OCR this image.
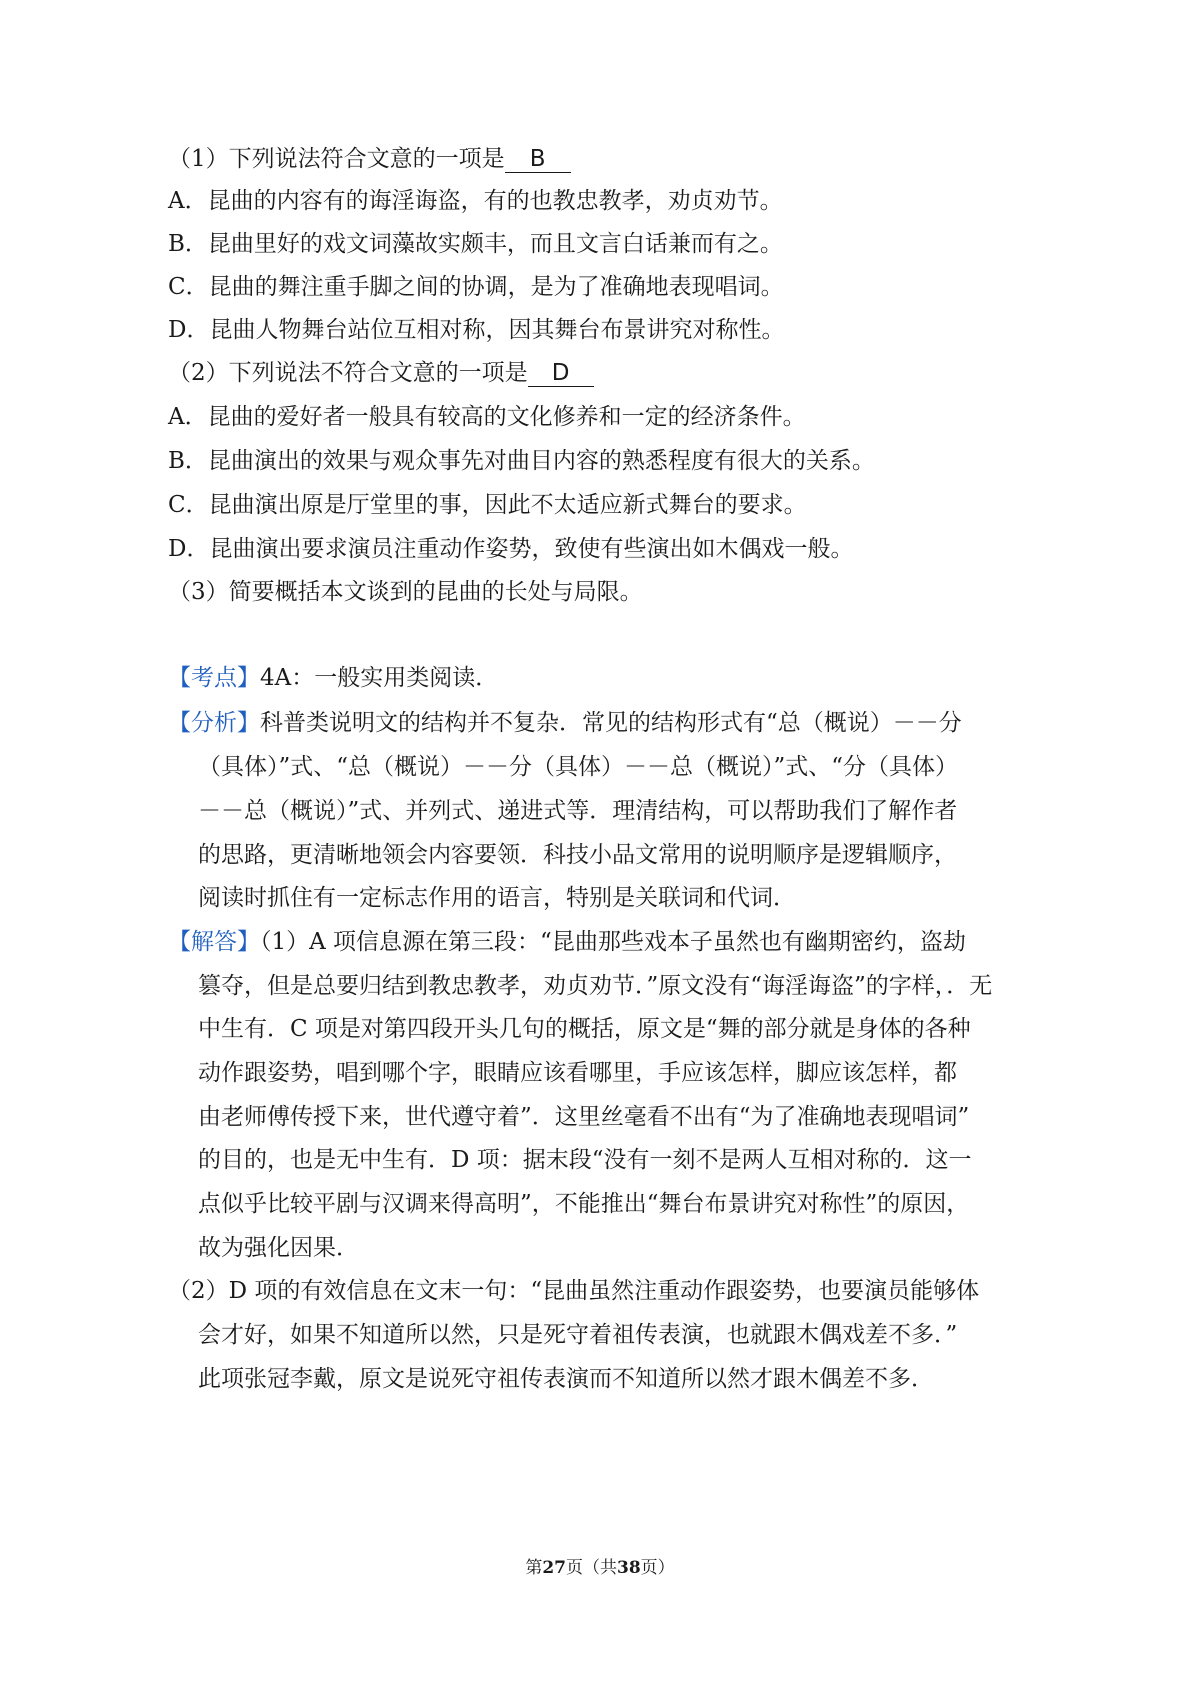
（1）下列说法符合文意的一项是 B
A．昆曲的内容有的诲淫诲盗，有的也教忠教孝，劝贞劝节。
B．昆曲里好的戏文词藻故实颇丰，而且文言白话兼而有之。
C．昆曲的舞注重手脚之间的协调，是为了准确地表现唱词。
D．昆曲人物舞台站位互相对称，因其舞台布景讲究对称性。
（2）下列说法不符合文意的一项是 D
A．昆曲的爱好者一般具有较高的文化修养和一定的经济条件。
B．昆曲演出的效果与观众事先对曲目内容的熟悉程度有很大的关系。
C．昆曲演出原是厅堂里的事，因此不太适应新式舞台的要求。
D．昆曲演出要求演员注重动作姿势，致使有些演出如木偶戏一般。
（3）简要概括本文谈到的昆曲的长处与局限。
【考点】4A：一般实用类阅读．
【分析】科普类说明文的结构并不复杂．常见的结构形式有“总（概说）－－分
（具体）”式、“总（概说）－－分（具体）－－总（概说）”式、“分（具体）
－－总（概说）”式、并列式、递进式等．理清结构，可以帮助我们了解作者
的思路，更清晰地领会内容要领．科技小品文常用的说明顺序是逻辑顺序，
阅读时抓住有一定标志作用的语言，特别是关联词和代词．
【解答】（1）A 项信息源在第三段：“昆曲那些戏本子虽然也有幽期密约，盗劫
篡夺，但是总要归结到教忠教孝，劝贞劝节．”原文没有“诲淫诲盗”的字样，．无
中生有．C 项是对第四段开头几句的概括，原文是“舞的部分就是身体的各种
动作跟姿势，唱到哪个字，眼睛应该看哪里，手应该怎样，脚应该怎样，都
由老师傅传授下来，世代遵守着”．这里丝毫看不出有“为了准确地表现唱词”
的目的，也是无中生有．D 项：据末段“没有一刻不是两人互相对称的．这一
点似乎比较平剧与汉调来得高明”，不能推出“舞台布景讲究对称性”的原因，
故为强化因果．
（2）D 项的有效信息在文末一句：“昆曲虽然注重动作跟姿势，也要演员能够体
会才好，如果不知道所以然，只是死守着祖传表演，也就跟木偶戏差不多．”
此项张冠李戴，原文是说死守祖传表演而不知道所以然才跟木偶差不多．
第27页（共38页）
